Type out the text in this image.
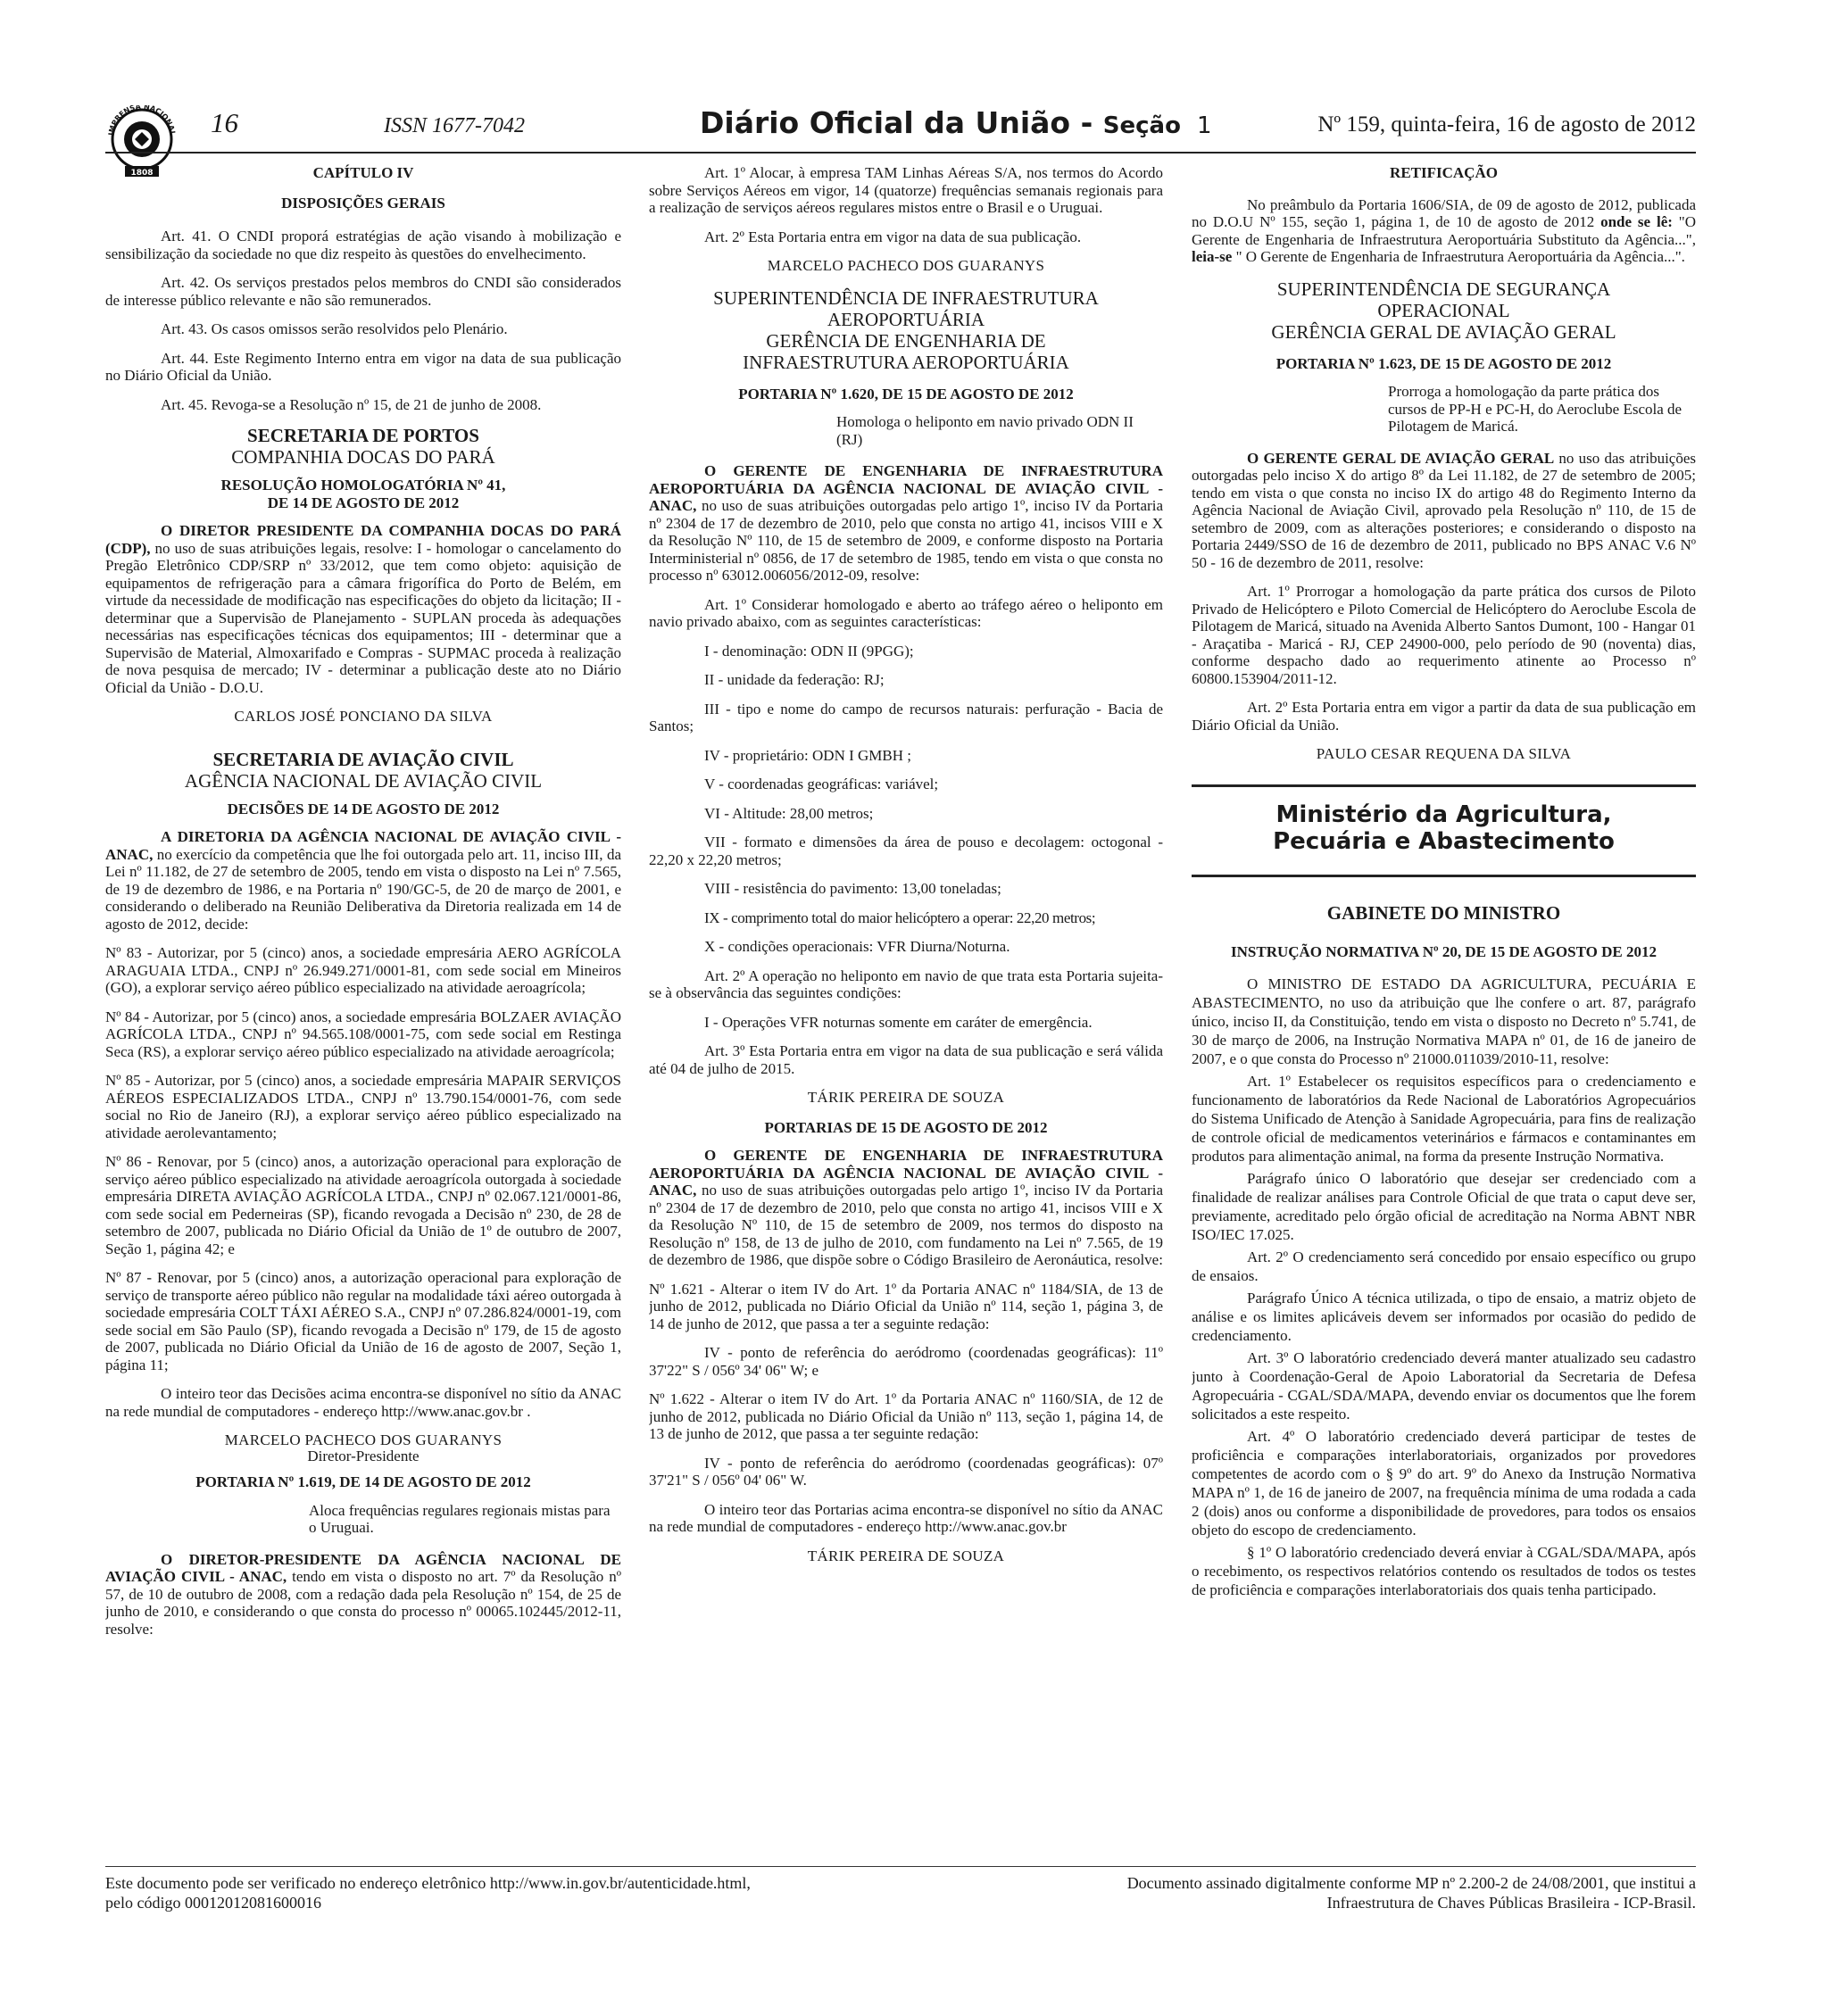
IMPRENSA NACIONAL
1808
16	ISSN 1677-7042	Diário Oficial da União - Seção 1	Nº 159, quinta-feira, 16 de agosto de 2012
CAPÍTULO IV
DISPOSIÇÕES GERAIS

Art. 41. O CNDI proporá estratégias de ação visando à mobilização e sensibilização da sociedade no que diz respeito às questões do envelhecimento.

Art. 42. Os serviços prestados pelos membros do CNDI são considerados de interesse público relevante e não são remunerados.

Art. 43. Os casos omissos serão resolvidos pelo Plenário.

Art. 44. Este Regimento Interno entra em vigor na data de sua publicação no Diário Oficial da União.

Art. 45. Revoga-se a Resolução nº 15, de 21 de junho de 2008.

SECRETARIA DE PORTOS
COMPANHIA DOCAS DO PARÁ
RESOLUÇÃO HOMOLOGATÓRIA Nº 41, DE 14 DE AGOSTO DE 2012

O DIRETOR PRESIDENTE DA COMPANHIA DOCAS DO PARÁ (CDP), no uso de suas atribuições legais, resolve: I - homologar o cancelamento do Pregão Eletrônico CDP/SRP nº 33/2012, que tem como objeto: aquisição de equipamentos de refrigeração para a câmara frigorífica do Porto de Belém, em virtude da necessidade de modificação nas especificações do objeto da licitação; II - determinar que a Supervisão de Planejamento - SUPLAN proceda às adequações necessárias nas especificações técnicas dos equipamentos; III - determinar que a Supervisão de Material, Almoxarifado e Compras - SUPMAC proceda à realização de nova pesquisa de mercado; IV - determinar a publicação deste ato no Diário Oficial da União - D.O.U.

CARLOS JOSÉ PONCIANO DA SILVA
SECRETARIA DE AVIAÇÃO CIVIL
AGÊNCIA NACIONAL DE AVIAÇÃO CIVIL
DECISÕES DE 14 DE AGOSTO DE 2012

A DIRETORIA DA AGÊNCIA NACIONAL DE AVIAÇÃO CIVIL - ANAC, no exercício da competência que lhe foi outorgada pelo art. 11, inciso III, da Lei nº 11.182, de 27 de setembro de 2005, tendo em vista o disposto na Lei nº 7.565, de 19 de dezembro de 1986, e na Portaria nº 190/GC-5, de 20 de março de 2001, e considerando o deliberado na Reunião Deliberativa da Diretoria realizada em 14 de agosto de 2012, decide:

Nº 83 - Autorizar, por 5 (cinco) anos, a sociedade empresária AERO AGRÍCOLA ARAGUAIA LTDA., CNPJ nº 26.949.271/0001-81, com sede social em Mineiros (GO), a explorar serviço aéreo público especializado na atividade aeroagrícola;

Nº 84 - Autorizar, por 5 (cinco) anos, a sociedade empresária BOLZAER AVIAÇÃO AGRÍCOLA LTDA., CNPJ nº 94.565.108/0001-75, com sede social em Restinga Seca (RS), a explorar serviço aéreo público especializado na atividade aeroagrícola;

Nº 85 - Autorizar, por 5 (cinco) anos, a sociedade empresária MAPAIR SERVIÇOS AÉREOS ESPECIALIZADOS LTDA., CNPJ nº 13.790.154/0001-76, com sede social no Rio de Janeiro (RJ), a explorar serviço aéreo público especializado na atividade aerolevantamento;

Nº 86 - Renovar, por 5 (cinco) anos, a autorização operacional para exploração de serviço aéreo público especializado na atividade aeroagrícola outorgada à sociedade empresária DIRETA AVIAÇÃO AGRÍCOLA LTDA., CNPJ nº 02.067.121/0001-86, com sede social em Pederneiras (SP), ficando revogada a Decisão nº 230, de 28 de setembro de 2007, publicada no Diário Oficial da União de 1º de outubro de 2007, Seção 1, página 42; e

Nº 87 - Renovar, por 5 (cinco) anos, a autorização operacional para exploração de serviço de transporte aéreo público não regular na modalidade táxi aéreo outorgada à sociedade empresária COLT TÁXI AÉREO S.A., CNPJ nº 07.286.824/0001-19, com sede social em São Paulo (SP), ficando revogada a Decisão nº 179, de 15 de agosto de 2007, publicada no Diário Oficial da União de 16 de agosto de 2007, Seção 1, página 11;

O inteiro teor das Decisões acima encontra-se disponível no sítio da ANAC na rede mundial de computadores - endereço http://www.anac.gov.br .

MARCELO PACHECO DOS GUARANYS
Diretor-Presidente
PORTARIA Nº 1.619, DE 14 DE AGOSTO DE 2012

Aloca frequências regulares regionais mistas para o Uruguai.

O DIRETOR-PRESIDENTE DA AGÊNCIA NACIONAL DE AVIAÇÃO CIVIL - ANAC, tendo em vista o disposto no art. 7º da Resolução nº 57, de 10 de outubro de 2008, com a redação dada pela Resolução nº 154, de 25 de junho de 2010, e considerando o que consta do processo nº 00065.102445/2012-11, resolve:

Art. 1º Alocar, à empresa TAM Linhas Aéreas S/A, nos termos do Acordo sobre Serviços Aéreos em vigor, 14 (quatorze) frequências semanais regionais para a realização de serviços aéreos regulares mistos entre o Brasil e o Uruguai.

Art. 2º Esta Portaria entra em vigor na data de sua publicação.

MARCELO PACHECO DOS GUARANYS
SUPERINTENDÊNCIA DE INFRAESTRUTURA
AEROPORTUÁRIA
GERÊNCIA DE ENGENHARIA DE
INFRAESTRUTURA AEROPORTUÁRIA
PORTARIA Nº 1.620, DE 15 DE AGOSTO DE 2012

Homologa o heliponto em navio privado ODN II (RJ)

O GERENTE DE ENGENHARIA DE INFRAESTRUTURA AEROPORTUÁRIA DA AGÊNCIA NACIONAL DE AVIAÇÃO CIVIL - ANAC, no uso de suas atribuições outorgadas pelo artigo 1º, inciso IV da Portaria nº 2304 de 17 de dezembro de 2010, pelo que consta no artigo 41, incisos VIII e X da Resolução Nº 110, de 15 de setembro de 2009, e conforme disposto na Portaria Interministerial nº 0856, de 17 de setembro de 1985, tendo em vista o que consta no processo nº 63012.006056/2012-09, resolve:

Art. 1º Considerar homologado e aberto ao tráfego aéreo o heliponto em navio privado abaixo, com as seguintes características:

I - denominação: ODN II (9PGG);

II - unidade da federação: RJ;

III - tipo e nome do campo de recursos naturais: perfuração - Bacia de Santos;

IV - proprietário: ODN I GMBH ;

V - coordenadas geográficas: variável;

VI - Altitude: 28,00 metros;

VII - formato e dimensões da área de pouso e decolagem: octogonal - 22,20 x 22,20 metros;

VIII - resistência do pavimento: 13,00 toneladas;

IX - comprimento total do maior helicóptero a operar: 22,20 metros;

X - condições operacionais: VFR Diurna/Noturna.

Art. 2º A operação no heliponto em navio de que trata esta Portaria sujeita-se à observância das seguintes condições:

I - Operações VFR noturnas somente em caráter de emergência.

Art. 3º Esta Portaria entra em vigor na data de sua publicação e será válida até 04 de julho de 2015.

TÁRIK PEREIRA DE SOUZA
PORTARIAS DE 15 DE AGOSTO DE 2012

O GERENTE DE ENGENHARIA DE INFRAESTRUTURA AEROPORTUÁRIA DA AGÊNCIA NACIONAL DE AVIAÇÃO CIVIL - ANAC, no uso de suas atribuições outorgadas pelo artigo 1º, inciso IV da Portaria nº 2304 de 17 de dezembro de 2010, pelo que consta no artigo 41, incisos VIII e X da Resolução Nº 110, de 15 de setembro de 2009, nos termos do disposto na Resolução nº 158, de 13 de julho de 2010, com fundamento na Lei nº 7.565, de 19 de dezembro de 1986, que dispõe sobre o Código Brasileiro de Aeronáutica, resolve:

Nº 1.621 - Alterar o item IV do Art. 1º da Portaria ANAC nº 1184/SIA, de 13 de junho de 2012, publicada no Diário Oficial da União nº 114, seção 1, página 3, de 14 de junho de 2012, que passa a ter a seguinte redação:

IV - ponto de referência do aeródromo (coordenadas geográficas): 11º 37'22" S / 056º 34' 06" W; e

Nº 1.622 - Alterar o item IV do Art. 1º da Portaria ANAC nº 1160/SIA, de 12 de junho de 2012, publicada no Diário Oficial da União nº 113, seção 1, página 14, de 13 de junho de 2012, que passa a ter seguinte redação:

IV - ponto de referência do aeródromo (coordenadas geográficas): 07º 37'21" S / 056º 04' 06" W.

O inteiro teor das Portarias acima encontra-se disponível no sítio da ANAC na rede mundial de computadores - endereço http://www.anac.gov.br

TÁRIK PEREIRA DE SOUZA
RETIFICAÇÃO

No preâmbulo da Portaria 1606/SIA, de 09 de agosto de 2012, publicada no D.O.U Nº 155, seção 1, página 1, de 10 de agosto de 2012 onde se lê: "O Gerente de Engenharia de Infraestrutura Aeroportuária Substituto da Agência...", leia-se " O Gerente de Engenharia de Infraestrutura Aeroportuária da Agência...".

SUPERINTENDÊNCIA DE SEGURANÇA
OPERACIONAL
GERÊNCIA GERAL DE AVIAÇÃO GERAL
PORTARIA Nº 1.623, DE 15 DE AGOSTO DE 2012

Prorroga a homologação da parte prática dos cursos de PP-H e PC-H, do Aeroclube Escola de Pilotagem de Maricá.

O GERENTE GERAL DE AVIAÇÃO GERAL no uso das atribuições outorgadas pelo inciso X do artigo 8º da Lei 11.182, de 27 de setembro de 2005; tendo em vista o que consta no inciso IX do artigo 48 do Regimento Interno da Agência Nacional de Aviação Civil, aprovado pela Resolução nº 110, de 15 de setembro de 2009, com as alterações posteriores; e considerando o disposto na Portaria 2449/SSO de 16 de dezembro de 2011, publicado no BPS ANAC V.6 Nº 50 - 16 de dezembro de 2011, resolve:

Art. 1º Prorrogar a homologação da parte prática dos cursos de Piloto Privado de Helicóptero e Piloto Comercial de Helicóptero do Aeroclube Escola de Pilotagem de Maricá, situado na Avenida Alberto Santos Dumont, 100 - Hangar 01 - Araçatiba - Maricá - RJ, CEP 24900-000, pelo período de 90 (noventa) dias, conforme despacho dado ao requerimento atinente ao Processo nº 60800.153904/2011-12.

Art. 2º Esta Portaria entra em vigor a partir da data de sua publicação em Diário Oficial da União.

PAULO CESAR REQUENA DA SILVA
Ministério da Agricultura,
Pecuária e Abastecimento
GABINETE DO MINISTRO
INSTRUÇÃO NORMATIVA Nº 20, DE 15 DE AGOSTO DE 2012

O MINISTRO DE ESTADO DA AGRICULTURA, PECUÁRIA E ABASTECIMENTO, no uso da atribuição que lhe confere o art. 87, parágrafo único, inciso II, da Constituição, tendo em vista o disposto no Decreto nº 5.741, de 30 de março de 2006, na Instrução Normativa MAPA nº 01, de 16 de janeiro de 2007, e o que consta do Processo nº 21000.011039/2010-11, resolve:

Art. 1º Estabelecer os requisitos específicos para o credenciamento e funcionamento de laboratórios da Rede Nacional de Laboratórios Agropecuários do Sistema Unificado de Atenção à Sanidade Agropecuária, para fins de realização de controle oficial de medicamentos veterinários e fármacos e contaminantes em produtos para alimentação animal, na forma da presente Instrução Normativa.

Parágrafo único O laboratório que desejar ser credenciado com a finalidade de realizar análises para Controle Oficial de que trata o caput deve ser, previamente, acreditado pelo órgão oficial de acreditação na Norma ABNT NBR ISO/IEC 17.025.

Art. 2º O credenciamento será concedido por ensaio específico ou grupo de ensaios.

Parágrafo Único A técnica utilizada, o tipo de ensaio, a matriz objeto de análise e os limites aplicáveis devem ser informados por ocasião do pedido de credenciamento.

Art. 3º O laboratório credenciado deverá manter atualizado seu cadastro junto à Coordenação-Geral de Apoio Laboratorial da Secretaria de Defesa Agropecuária - CGAL/SDA/MAPA, devendo enviar os documentos que lhe forem solicitados a este respeito.

Art. 4º O laboratório credenciado deverá participar de testes de proficiência e comparações interlaboratoriais, organizados por provedores competentes de acordo com o § 9º do art. 9º do Anexo da Instrução Normativa MAPA nº 1, de 16 de janeiro de 2007, na frequência mínima de uma rodada a cada 2 (dois) anos ou conforme a disponibilidade de provedores, para todos os ensaios objeto do escopo de credenciamento.

§ 1º O laboratório credenciado deverá enviar à CGAL/SDA/MAPA, após o recebimento, os respectivos relatórios contendo os resultados de todos os testes de proficiência e comparações interlaboratoriais dos quais tenha participado.

Este documento pode ser verificado no endereço eletrônico http://www.in.gov.br/autenticidade.html,
pelo código 00012012081600016
Documento assinado digitalmente conforme MP nº 2.200-2 de 24/08/2001, que institui a
Infraestrutura de Chaves Públicas Brasileira - ICP-Brasil.
